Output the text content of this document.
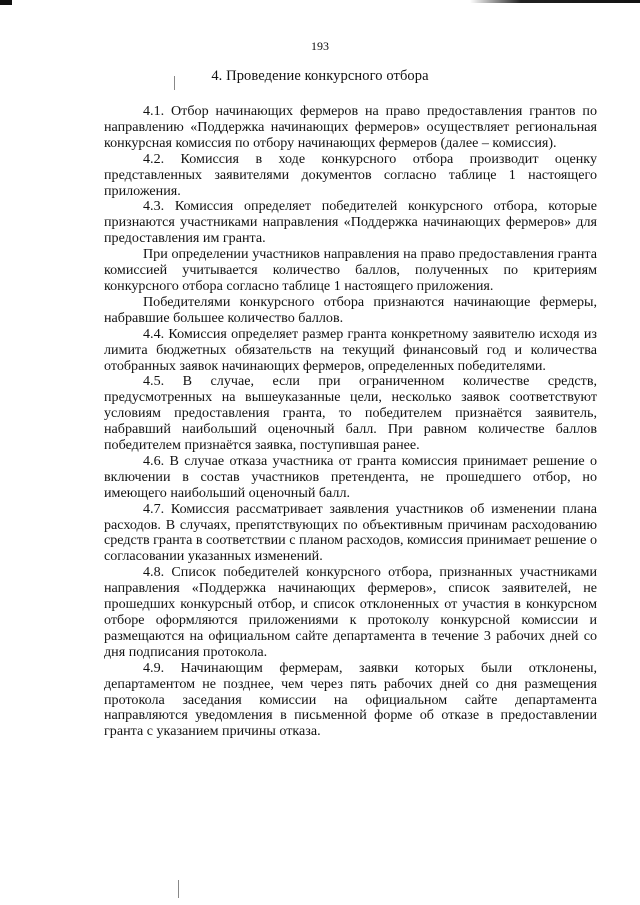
193
4. Проведение конкурсного отбора

4.1. Отбор начинающих фермеров на право предоставления грантов по направлению «Поддержка начинающих фермеров» осуществляет региональная конкурсная комиссия по отбору начинающих фермеров (далее – комиссия).

4.2. Комиссия в ходе конкурсного отбора производит оценку представленных заявителями документов согласно таблице 1 настоящего приложения.

4.3. Комиссия определяет победителей конкурсного отбора, которые признаются участниками направления «Поддержка начинающих фермеров» для предоставления им гранта.

При определении участников направления на право предоставления гранта комиссией учитывается количество баллов, полученных по критериям конкурсного отбора согласно таблице 1 настоящего приложения.

Победителями конкурсного отбора признаются начинающие фермеры, набравшие большее количество баллов.

4.4. Комиссия определяет размер гранта конкретному заявителю исходя из лимита бюджетных обязательств на текущий финансовый год и количества отобранных заявок начинающих фермеров, определенных победителями.

4.5. В случае, если при ограниченном количестве средств, предусмотренных на вышеуказанные цели, несколько заявок соответствуют условиям предоставления гранта, то победителем признаётся заявитель, набравший наибольший оценочный балл. При равном количестве баллов победителем признаётся заявка, поступившая ранее.

4.6. В случае отказа участника от гранта комиссия принимает решение о включении в состав участников претендента, не прошедшего отбор, но имеющего наибольший оценочный балл.

4.7. Комиссия рассматривает заявления участников об изменении плана расходов. В случаях, препятствующих по объективным причинам расходованию средств гранта в соответствии с планом расходов, комиссия принимает решение о согласовании указанных изменений.

4.8. Список победителей конкурсного отбора, признанных участниками направления «Поддержка начинающих фермеров», список заявителей, не прошедших конкурсный отбор, и список отклоненных от участия в конкурсном отборе оформляются приложениями к протоколу конкурсной комиссии и размещаются на официальном сайте департамента в течение 3 рабочих дней со дня подписания протокола.

4.9. Начинающим фермерам, заявки которых были отклонены, департаментом не позднее, чем через пять рабочих дней со дня размещения протокола заседания комиссии на официальном сайте департамента направляются уведомления в письменной форме об отказе в предоставлении гранта с указанием причины отказа.
